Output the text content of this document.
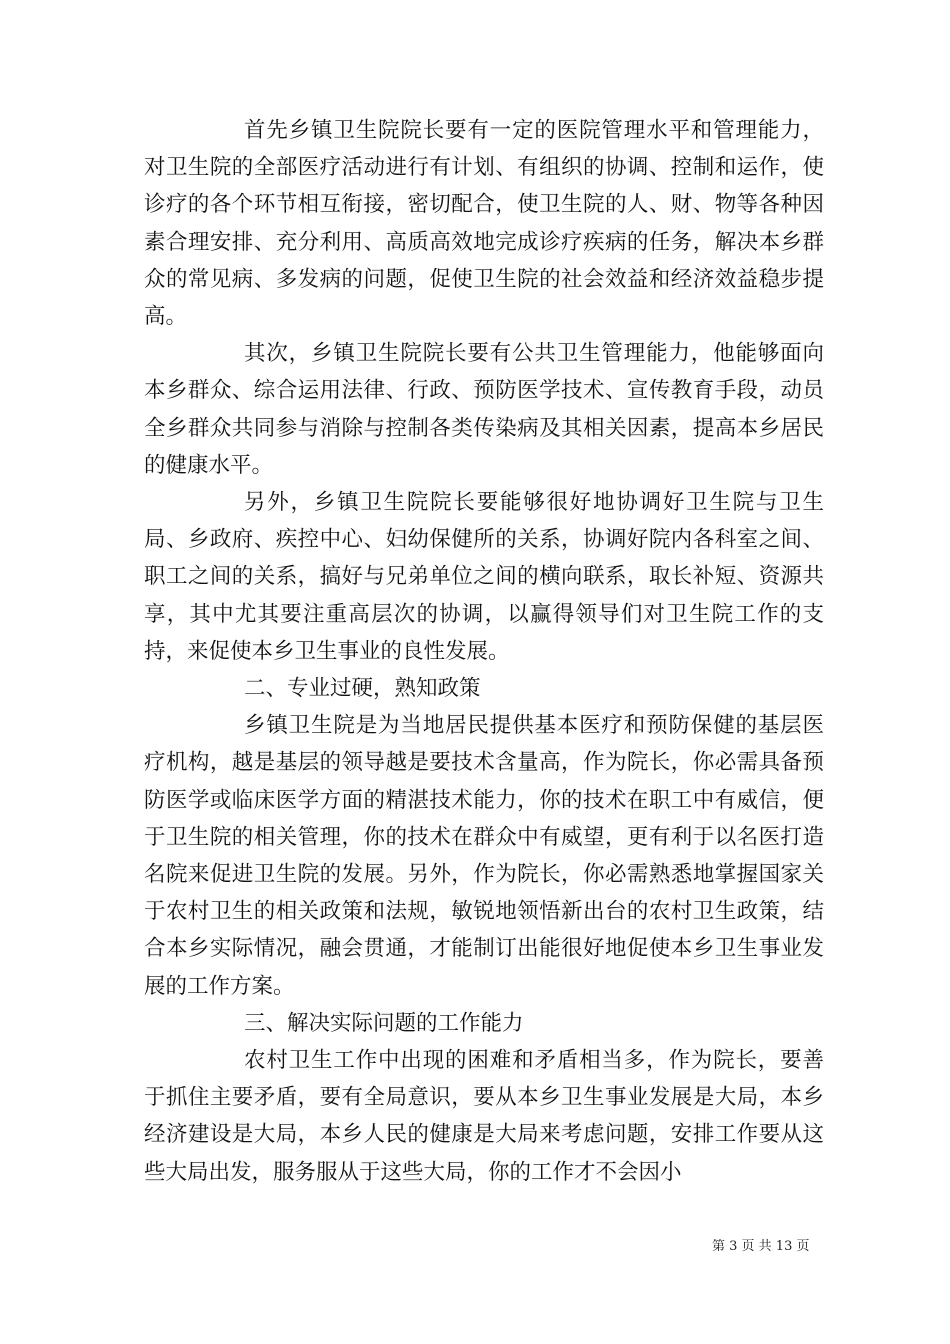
首先乡镇卫生院院长要有一定的医院管理水平和管理能力，对卫生院的全部医疗活动进行有计划、有组织的协调、控制和运作，使诊疗的各个环节相互衔接，密切配合，使卫生院的人、财、物等各种因素合理安排、充分利用、高质高效地完成诊疗疾病的任务，解决本乡群众的常见病、多发病的问题，促使卫生院的社会效益和经济效益稳步提高。

其次，乡镇卫生院院长要有公共卫生管理能力，他能够面向本乡群众、综合运用法律、行政、预防医学技术、宣传教育手段，动员全乡群众共同参与消除与控制各类传染病及其相关因素，提高本乡居民的健康水平。

另外，乡镇卫生院院长要能够很好地协调好卫生院与卫生局、乡政府、疾控中心、妇幼保健所的关系，协调好院内各科室之间、职工之间的关系，搞好与兄弟单位之间的横向联系，取长补短、资源共享，其中尤其要注重高层次的协调，以赢得领导们对卫生院工作的支持，来促使本乡卫生事业的良性发展。

二、专业过硬，熟知政策

乡镇卫生院是为当地居民提供基本医疗和预防保健的基层医疗机构，越是基层的领导越是要技术含量高，作为院长，你必需具备预防医学或临床医学方面的精湛技术能力，你的技术在职工中有威信，便于卫生院的相关管理，你的技术在群众中有威望，更有利于以名医打造名院来促进卫生院的发展。另外，作为院长，你必需熟悉地掌握国家关于农村卫生的相关政策和法规，敏锐地领悟新出台的农村卫生政策，结合本乡实际情况，融会贯通，才能制订出能很好地促使本乡卫生事业发展的工作方案。

三、解决实际问题的工作能力

农村卫生工作中出现的困难和矛盾相当多，作为院长，要善于抓住主要矛盾，要有全局意识，要从本乡卫生事业发展是大局，本乡经济建设是大局，本乡人民的健康是大局来考虑问题，安排工作要从这些大局出发，服务服从于这些大局，你的工作才不会因小

第 3 页 共 13 页
